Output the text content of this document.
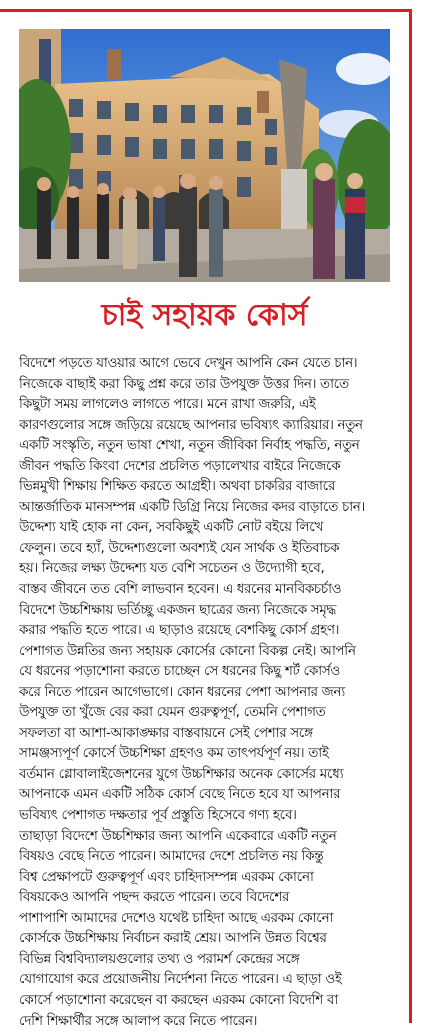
চাই সহায়ক কোর্স
বিদেশে পড়তে যাওয়ার আগে ভেবে দেখুন আপনি কেন যেতে চান।
নিজেকে বাছাই করা কিছু প্রশ্ন করে তার উপযুক্ত উত্তর দিন। তাতে
কিছুটা সময় লাগলেও লাগতে পারে। মনে রাখা জরুরি, এই
কারণগুলোর সঙ্গে জড়িয়ে রয়েছে আপনার ভবিষ্যৎ ক্যারিয়ার। নতুন
একটি সংস্কৃতি, নতুন ভাষা শেখা, নতুন জীবিকা নির্বাহ পদ্ধতি, নতুন
জীবন পদ্ধতি কিংবা দেশের প্রচলিত পড়ালেখার বাইরে নিজেকে
ভিন্নমুখী শিক্ষায় শিক্ষিত করতে আগ্রহী। অথবা চাকরির বাজারে
আন্তর্জাতিক মানসম্পন্ন একটি ডিগ্রি নিয়ে নিজের কদর বাড়াতে চান।
উদ্দেশ্য যাই হোক না কেন, সবকিছুই একটি নোট বইয়ে লিখে
ফেলুন। তবে হ্যাঁ, উদ্দেশ্যগুলো অবশ্যই যেন সার্থক ও ইতিবাচক
হয়। নিজের লক্ষ্য উদ্দেশ্য যত বেশি সচেতন ও উদ্যোগী হবে,
বাস্তব জীবনে তত বেশি লাভবান হবেন। এ ধরনের মানবিকচর্চাও
বিদেশে উচ্চশিক্ষায় ভর্তিচ্ছু একজন ছাত্রের জন্য নিজেকে সমৃদ্ধ
করার পদ্ধতি হতে পারে। এ ছাড়াও রয়েছে বেশকিছু কোর্স গ্রহণ।
পেশাগত উন্নতির জন্য সহায়ক কোর্সের কোনো বিকল্প নেই। আপনি
যে ধরনের পড়াশোনা করতে চাচ্ছেন সে ধরনের কিছু শর্ট কোর্সও
করে নিতে পারেন আগেভাগে। কোন ধরনের পেশা আপনার জন্য
উপযুক্ত তা খুঁজে বের করা যেমন গুরুত্বপূর্ণ, তেমনি পেশাগত
সফলতা বা আশা-আকাঙ্ক্ষার বাস্তবায়নে সেই পেশার সঙ্গে
সামঞ্জস্যপূর্ণ কোর্সে উচ্চশিক্ষা গ্রহণও কম তাৎপর্যপূর্ণ নয়। তাই
বর্তমান গ্লোবালাইজেশনের যুগে উচ্চশিক্ষার অনেক কোর্সের মধ্যে
আপনাকে এমন একটি সঠিক কোর্স বেছে নিতে হবে যা আপনার
ভবিষ্যৎ পেশাগত দক্ষতার পূর্ব প্রস্তুতি হিসেবে গণ্য হবে।
তাছাড়া বিদেশে উচ্চশিক্ষার জন্য আপনি একেবারে একটি নতুন
বিষয়ও বেছে নিতে পারেন। আমাদের দেশে প্রচলিত নয় কিন্তু
বিশ্ব প্রেক্ষাপটে গুরুত্বপূর্ণ এবং চাহিদাসম্পন্ন এরকম কোনো
বিষয়কেও আপনি পছন্দ করতে পারেন। তবে বিদেশের
পাশাপাশি আমাদের দেশেও যথেষ্ট চাহিদা আছে এরকম কোনো
কোর্সকে উচ্চশিক্ষায় নির্বাচন করাই শ্রেয়। আপনি উন্নত বিশ্বের
বিভিন্ন বিশ্ববিদ্যালয়গুলোর তথ্য ও পরামর্শ কেন্দ্রের সঙ্গে
যোগাযোগ করে প্রয়োজনীয় নির্দেশনা নিতে পারেন। এ ছাড়া ওই
কোর্সে পড়াশোনা করেছেন বা করছেন এরকম কোনো বিদেশি বা
দেশি শিক্ষার্থীর সঙ্গে আলাপ করে নিতে পারেন।
